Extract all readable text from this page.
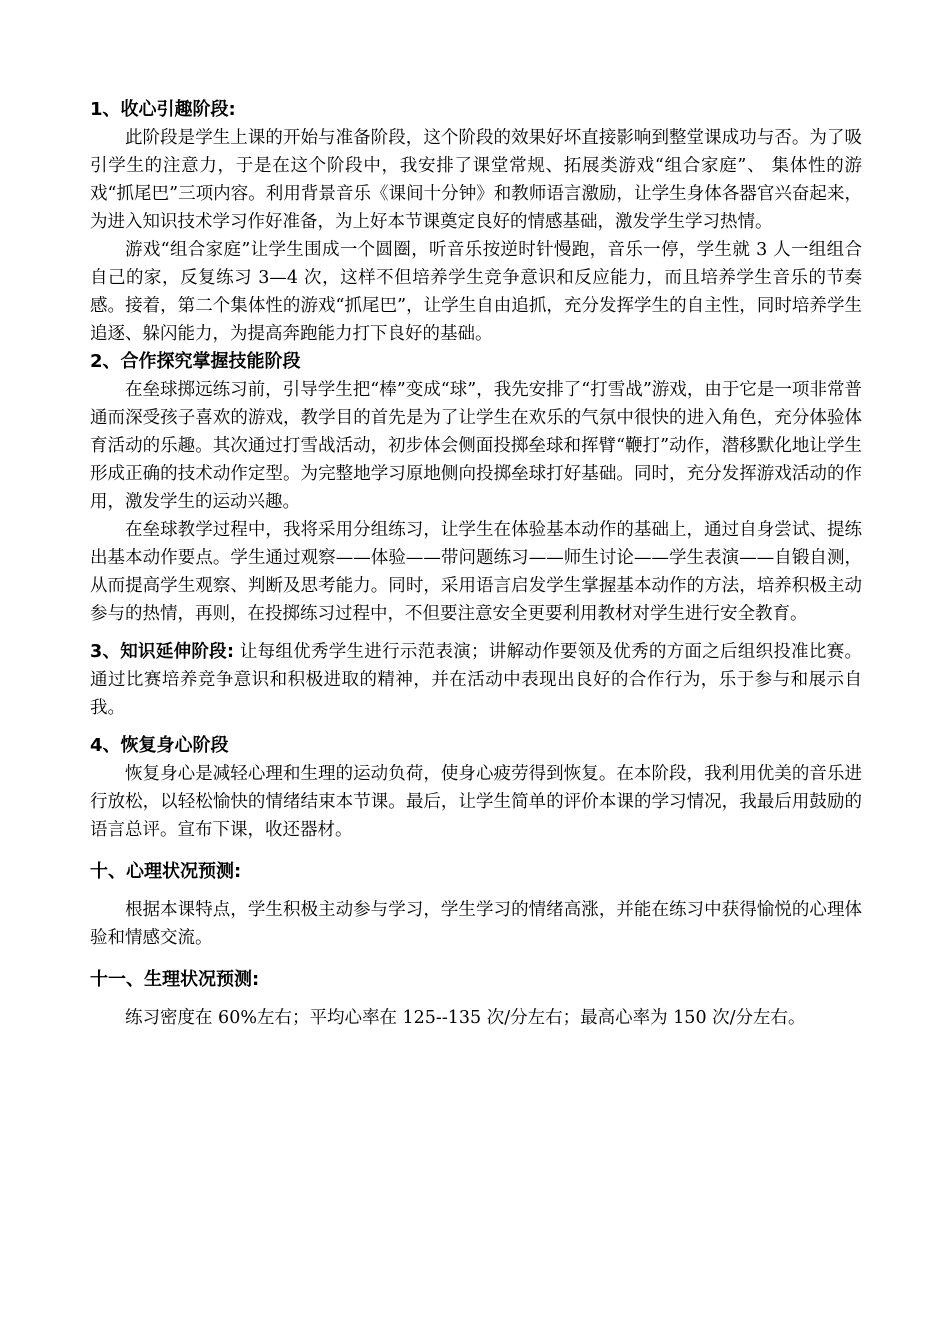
1、收心引趣阶段:

此阶段是学生上课的开始与准备阶段，这个阶段的效果好坏直接影响到整堂课成功与否。为了吸引学生的注意力，于是在这个阶段中，我安排了课堂常规、拓展类游戏“组合家庭”、 集体性的游戏“抓尾巴”三项内容。利用背景音乐《课间十分钟》和教师语言激励，让学生身体各器官兴奋起来，为进入知识技术学习作好准备，为上好本节课奠定良好的情感基础，激发学生学习热情。

游戏“组合家庭”让学生围成一个圆圈，听音乐按逆时针慢跑，音乐一停，学生就 3 人一组组合自己的家，反复练习 3—4 次，这样不但培养学生竞争意识和反应能力，而且培养学生音乐的节奏感。接着，第二个集体性的游戏“抓尾巴”，让学生自由追抓，充分发挥学生的自主性，同时培养学生追逐、躲闪能力，为提高奔跑能力打下良好的基础。

2、合作探究掌握技能阶段

在垒球掷远练习前，引导学生把“棒”变成“球”，我先安排了“打雪战”游戏，由于它是一项非常普通而深受孩子喜欢的游戏，教学目的首先是为了让学生在欢乐的气氛中很快的进入角色，充分体验体育活动的乐趣。其次通过打雪战活动，初步体会侧面投掷垒球和挥臂“鞭打”动作，潜移默化地让学生形成正确的技术动作定型。为完整地学习原地侧向投掷垒球打好基础。同时，充分发挥游戏活动的作用，激发学生的运动兴趣。

在垒球教学过程中，我将采用分组练习，让学生在体验基本动作的基础上，通过自身尝试、提练出基本动作要点。学生通过观察——体验——带问题练习——师生讨论——学生表演——自锻自测，从而提高学生观察、判断及思考能力。同时，采用语言启发学生掌握基本动作的方法，培养积极主动参与的热情，再则，在投掷练习过程中，不但要注意安全更要利用教材对学生进行安全教育。

3、知识延伸阶段: 让每组优秀学生进行示范表演；讲解动作要领及优秀的方面之后组织投准比赛。通过比赛培养竞争意识和积极进取的精神，并在活动中表现出良好的合作行为，乐于参与和展示自我。

4、恢复身心阶段

恢复身心是减轻心理和生理的运动负荷，使身心疲劳得到恢复。在本阶段，我利用优美的音乐进行放松，以轻松愉快的情绪结束本节课。最后，让学生简单的评价本课的学习情况，我最后用鼓励的语言总评。宣布下课，收还器材。

十、心理状况预测:

根据本课特点，学生积极主动参与学习，学生学习的情绪高涨，并能在练习中获得愉悦的心理体验和情感交流。

十一、生理状况预测:

练习密度在 60%左右；平均心率在 125--135 次/分左右；最高心率为 150 次/分左右。
